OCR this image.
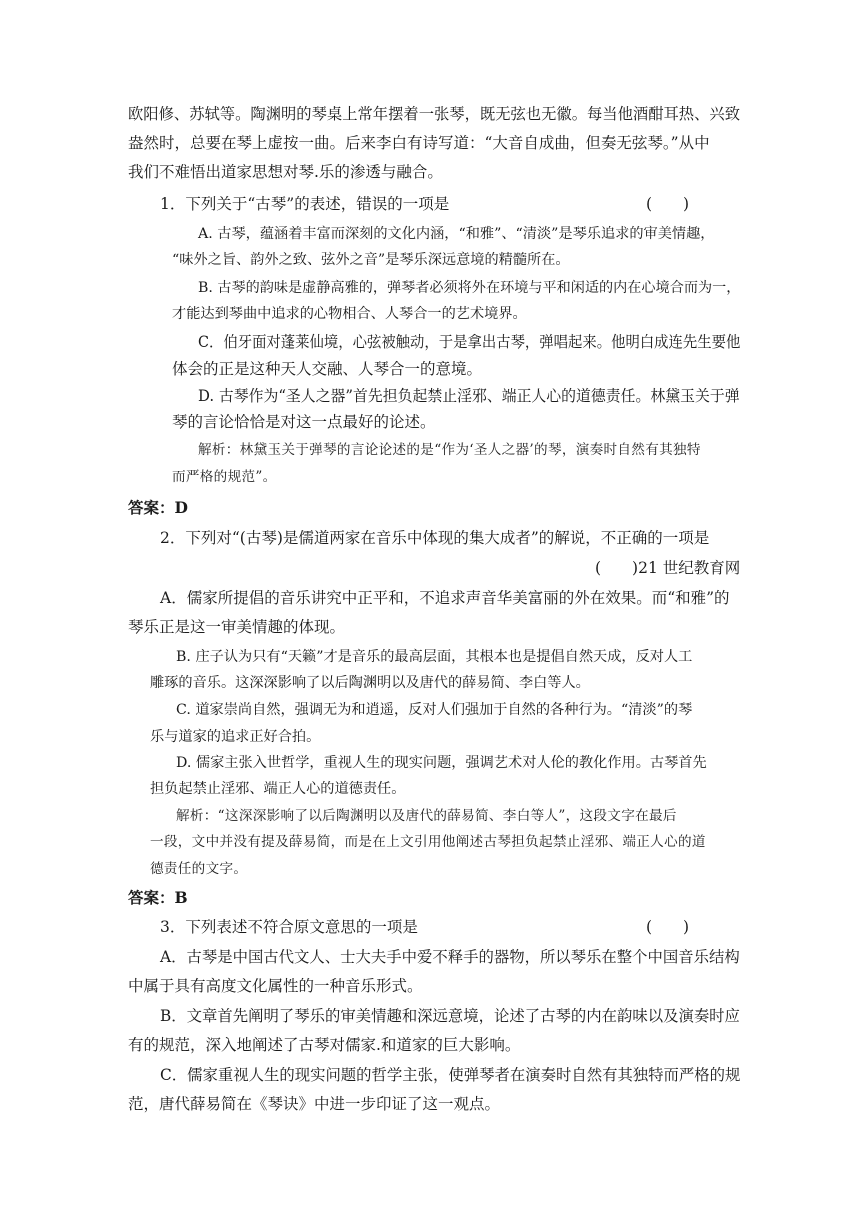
欧阳修、苏轼等。陶渊明的琴桌上常年摆着一张琴，既无弦也无徽。每当他酒酣耳热、兴致
盎然时，总要在琴上虚按一曲。后来李白有诗写道：“大音自成曲，但奏无弦琴。”从中
我们不难悟出道家思想对琴.乐的渗透与融合。
1．下列关于“古琴”的表述，错误的一项是	(　　)
A. 古琴，蕴涵着丰富而深刻的文化内涵，“和雅”、“清淡”是琴乐追求的审美情趣，
“味外之旨、韵外之致、弦外之音”是琴乐深远意境的精髓所在。
B. 古琴的韵味是虚静高雅的，弹琴者必须将外在环境与平和闲适的内在心境合而为一，
才能达到琴曲中追求的心物相合、人琴合一的艺术境界。
C．伯牙面对蓬莱仙境，心弦被触动，于是拿出古琴，弹唱起来。他明白成连先生要他
体会的正是这种天人交融、人琴合一的意境。
D. 古琴作为“圣人之器”首先担负起禁止淫邪、端正人心的道德责任。林黛玉关于弹
琴的言论恰恰是对这一点最好的论述。
解析：林黛玉关于弹琴的言论论述的是“作为‘圣人之器’的琴，演奏时自然有其独特
而严格的规范”。
答案：D
2．下列对“(古琴)是儒道两家在音乐中体现的集大成者”的解说，不正确的一项是
(　　)21 世纪教育网
A．儒家所提倡的音乐讲究中正平和，不追求声音华美富丽的外在效果。而“和雅”的
琴乐正是这一审美情趣的体现。
B. 庄子认为只有“天籁”才是音乐的最高层面，其根本也是提倡自然天成，反对人工
雕琢的音乐。这深深影响了以后陶渊明以及唐代的薛易简、李白等人。
C. 道家崇尚自然，强调无为和逍遥，反对人们强加于自然的各种行为。“清淡”的琴
乐与道家的追求正好合拍。
D. 儒家主张入世哲学，重视人生的现实问题，强调艺术对人伦的教化作用。古琴首先
担负起禁止淫邪、端正人心的道德责任。
解析：“这深深影响了以后陶渊明以及唐代的薛易简、李白等人”，这段文字在最后
一段，文中并没有提及薛易简，而是在上文引用他阐述古琴担负起禁止淫邪、端正人心的道
德责任的文字。
答案：B
3．下列表述不符合原文意思的一项是	(　　)
A．古琴是中国古代文人、士大夫手中爱不释手的器物，所以琴乐在整个中国音乐结构
中属于具有高度文化属性的一种音乐形式。
B．文章首先阐明了琴乐的审美情趣和深远意境，论述了古琴的内在韵味以及演奏时应
有的规范，深入地阐述了古琴对儒家.和道家的巨大影响。
C．儒家重视人生的现实问题的哲学主张，使弹琴者在演奏时自然有其独特而严格的规
范，唐代薛易简在《琴诀》中进一步印证了这一观点。
